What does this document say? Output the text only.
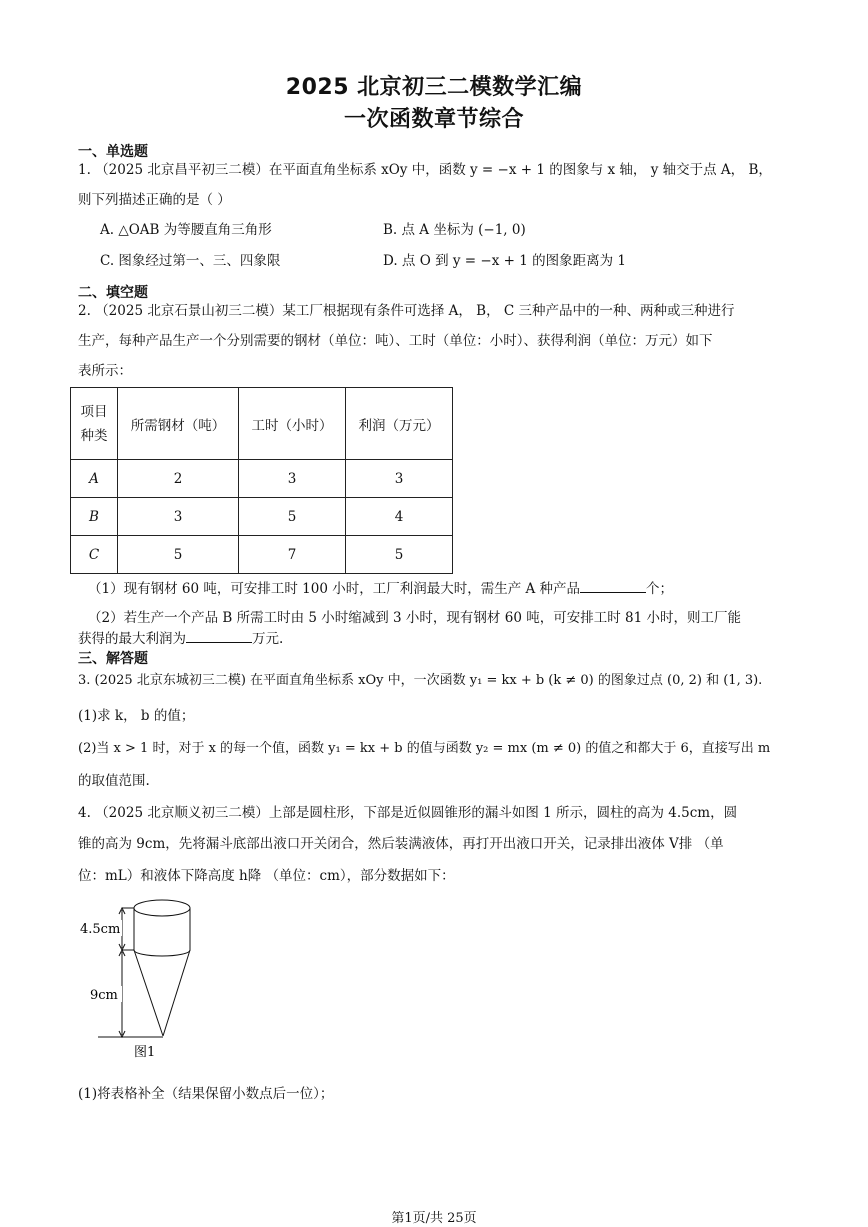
2025 北京初三二模数学汇编
一次函数章节综合
一、单选题
1. （2025 北京昌平初三二模）在平面直角坐标系 xOy 中，函数 y = −x + 1 的图象与 x 轴， y 轴交于点 A， B，
则下列描述正确的是（ ）
A. △OAB 为等腰直角三角形	B. 点 A 坐标为 (−1, 0)
C. 图象经过第一、三、四象限	D. 点 O 到 y = −x + 1 的图象距离为 1
二、填空题
2. （2025 北京石景山初三二模）某工厂根据现有条件可选择 A， B， C 三种产品中的一种、两种或三种进行
生产，每种产品生产一个分别需要的钢材（单位：吨）、工时（单位：小时）、获得利润（单位：万元）如下
表所示：
项目
种类	所需钢材（吨）	工时（小时）	利润（万元）
A	2	3	3
B	3	5	4
C	5	7	5
（1）现有钢材 60 吨，可安排工时 100 小时，工厂利润最大时，需生产 A 种产品	个；
（2）若生产一个产品 B 所需工时由 5 小时缩减到 3 小时，现有钢材 60 吨，可安排工时 81 小时，则工厂能
获得的最大利润为	万元.
三、解答题
3. (2025 北京东城初三二模) 在平面直角坐标系 xOy 中，一次函数 y₁ = kx + b (k ≠ 0) 的图象过点 (0, 2) 和 (1, 3).
(1)求 k， b 的值；
(2)当 x > 1 时，对于 x 的每一个值，函数 y₁ = kx + b 的值与函数 y₂ = mx (m ≠ 0) 的值之和都大于 6，直接写出 m
的取值范围.
4. （2025 北京顺义初三二模）上部是圆柱形，下部是近似圆锥形的漏斗如图 1 所示，圆柱的高为 4.5cm，圆
锥的高为 9cm，先将漏斗底部出液口开关闭合，然后装满液体，再打开出液口开关，记录排出液体 V排 （单
位：mL）和液体下降高度 h降 （单位：cm），部分数据如下：
4.5cm
9cm
图1
(1)将表格补全（结果保留小数点后一位）；
第1页/共 25页
